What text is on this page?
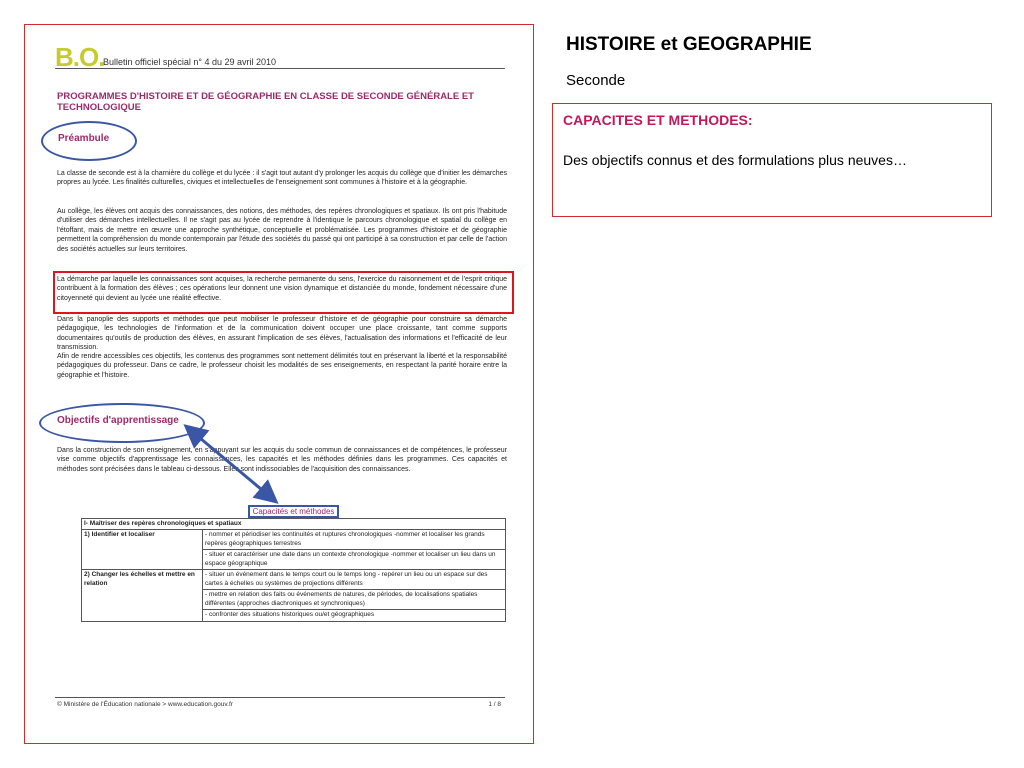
B.O.
Bulletin officiel spécial n° 4 du 29 avril 2010
PROGRAMMES D'HISTOIRE ET DE GÉOGRAPHIE EN CLASSE DE SECONDE GÉNÉRALE ET TECHNOLOGIQUE
Préambule
La classe de seconde est à la charnière du collège et du lycée : il s'agit tout autant d'y prolonger les acquis du collège que d'initier les démarches propres au lycée. Les finalités culturelles, civiques et intellectuelles de l'enseignement sont communes à l'histoire et à la géographie.
Au collège, les élèves ont acquis des connaissances, des notions, des méthodes, des repères chronologiques et spatiaux. Ils ont pris l'habitude d'utiliser des démarches intellectuelles. Il ne s'agit pas au lycée de reprendre à l'identique le parcours chronologique et spatial du collège en l'étoffant, mais de mettre en œuvre une approche synthétique, conceptuelle et problématisée. Les programmes d'histoire et de géographie permettent la compréhension du monde contemporain par l'étude des sociétés du passé qui ont participé à sa construction et par celle de l'action des sociétés actuelles sur leurs territoires.
La démarche par laquelle les connaissances sont acquises, la recherche permanente du sens, l'exercice du raisonnement et de l'esprit critique contribuent à la formation des élèves ; ces opérations leur donnent une vision dynamique et distanciée du monde, fondement nécessaire d'une citoyenneté qui devient au lycée une réalité effective.
Dans la panoplie des supports et méthodes que peut mobiliser le professeur d'histoire et de géographie pour construire sa démarche pédagogique, les technologies de l'information et de la communication doivent occuper une place croissante, tant comme supports documentaires qu'outils de production des élèves, en assurant l'implication de ses élèves, l'actualisation des informations et l'efficacité de leur transmission.
Afin de rendre accessibles ces objectifs, les contenus des programmes sont nettement délimités tout en préservant la liberté et la responsabilité pédagogiques du professeur. Dans ce cadre, le professeur choisit les modalités de ses enseignements, en respectant la parité horaire entre la géographie et l'histoire.
Objectifs d'apprentissage
Dans la construction de son enseignement, en s'appuyant sur les acquis du socle commun de connaissances et de compétences, le professeur vise comme objectifs d'apprentissage les connaissances, les capacités et les méthodes définies dans les programmes. Ces capacités et méthodes sont précisées dans le tableau ci-dessous. Elles sont indissociables de l'acquisition des connaissances.
Capacités et méthodes	
I- Maîtriser des repères chronologiques et spatiaux	
1) Identifier et localiser	- nommer et périodiser les continuités et ruptures chronologiques -nommer et localiser les grands repères géographiques terrestres
	- situer et caractériser une date dans un contexte chronologique -nommer et localiser un lieu dans un espace géographique
2) Changer les échelles et mettre en relation	- situer un événement dans le temps court ou le temps long - repérer un lieu ou un espace sur des cartes à échelles ou systèmes de projections différents
	- mettre en relation des faits ou événements de natures, de périodes, de localisations spatiales différentes (approches diachroniques et synchroniques)
	- confronter des situations historiques ou/et géographiques
© Ministère de l'Éducation nationale > www.education.gouv.fr	1 / 8
HISTOIRE et GEOGRAPHIE
Seconde
CAPACITES ET METHODES:
Des objectifs connus et des formulations plus neuves…
